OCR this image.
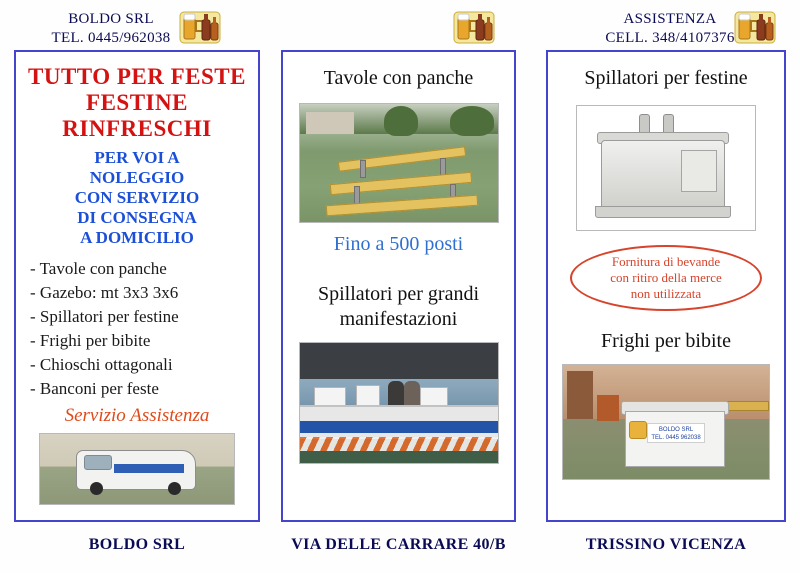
BOLDO SRL
TEL. 0445/962038
ASSISTENZA
CELL. 348/4107376
TUTTO PER FESTE
FESTINE
RINFRESCHI
PER VOI A
NOLEGGIO
CON SERVIZIO
DI CONSEGNA
A DOMICILIO
- Tavole con panche
- Gazebo: mt 3x3 3x6
- Spillatori per festine
- Frighi per bibite
- Chioschi ottagonali
- Banconi per feste
Servizio Assistenza
Tavole con panche
Fino a 500 posti
Spillatori per grandi
manifestazioni
Spillatori per festine
Fornitura di bevande
con ritiro della merce
non utilizzata
Frighi per bibite
BOLDO SRL
TEL. 0445 962038
BOLDO SRL	VIA DELLE CARRARE 40/B	TRISSINO VICENZA
